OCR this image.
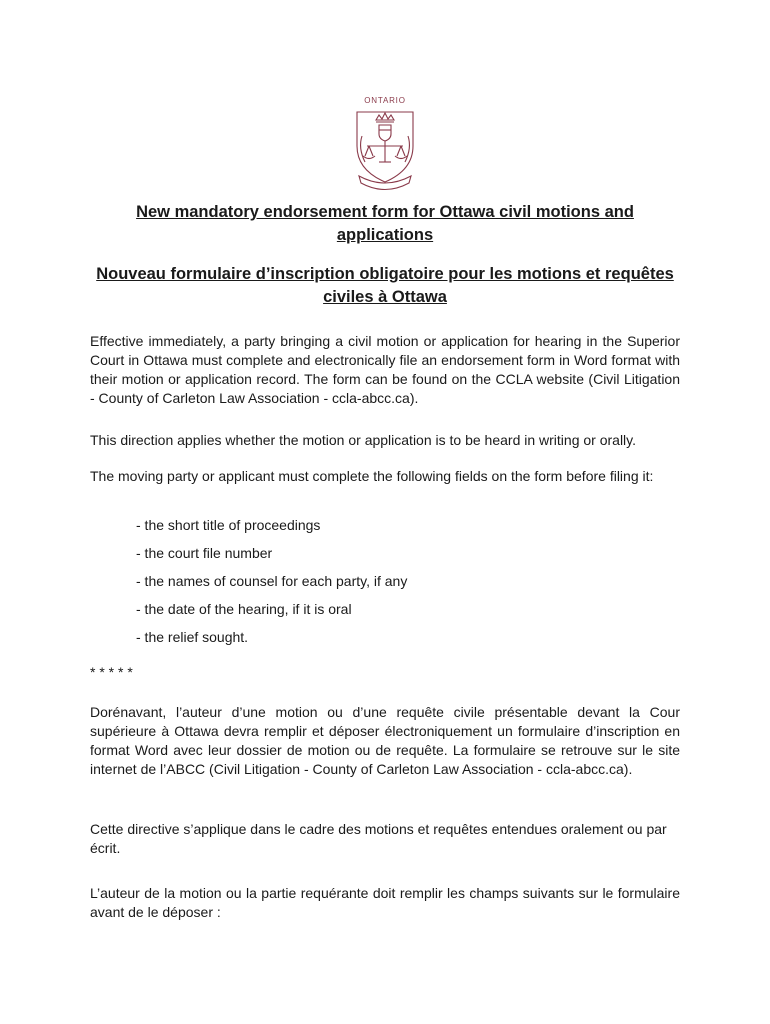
ONTARIO
New mandatory endorsement form for Ottawa civil motions and applications
Nouveau formulaire d’inscription obligatoire pour les motions et requêtes civiles à Ottawa

Effective immediately, a party bringing a civil motion or application for hearing in the Superior Court in Ottawa must complete and electronically file an endorsement form in Word format with their motion or application record. The form can be found on the CCLA website (Civil Litigation - County of Carleton Law Association - ccla-abcc.ca).

This direction applies whether the motion or application is to be heard in writing or orally.

The moving party or applicant must complete the following fields on the form before filing it:

- the short title of proceedings
- the court file number
- the names of counsel for each party, if any
- the date of the hearing, if it is oral
- the relief sought.

* * * * *

Dorénavant, l’auteur d’une motion ou d’une requête civile présentable devant la Cour supérieure à Ottawa devra remplir et déposer électroniquement un formulaire d’inscription en format Word avec leur dossier de motion ou de requête. La formulaire se retrouve sur le site internet de l’ABCC (Civil Litigation - County of Carleton Law Association - ccla-abcc.ca).

Cette directive s’applique dans le cadre des motions et requêtes entendues oralement ou par écrit.

L’auteur de la motion ou la partie requérante doit remplir les champs suivants sur le formulaire avant de le déposer :
